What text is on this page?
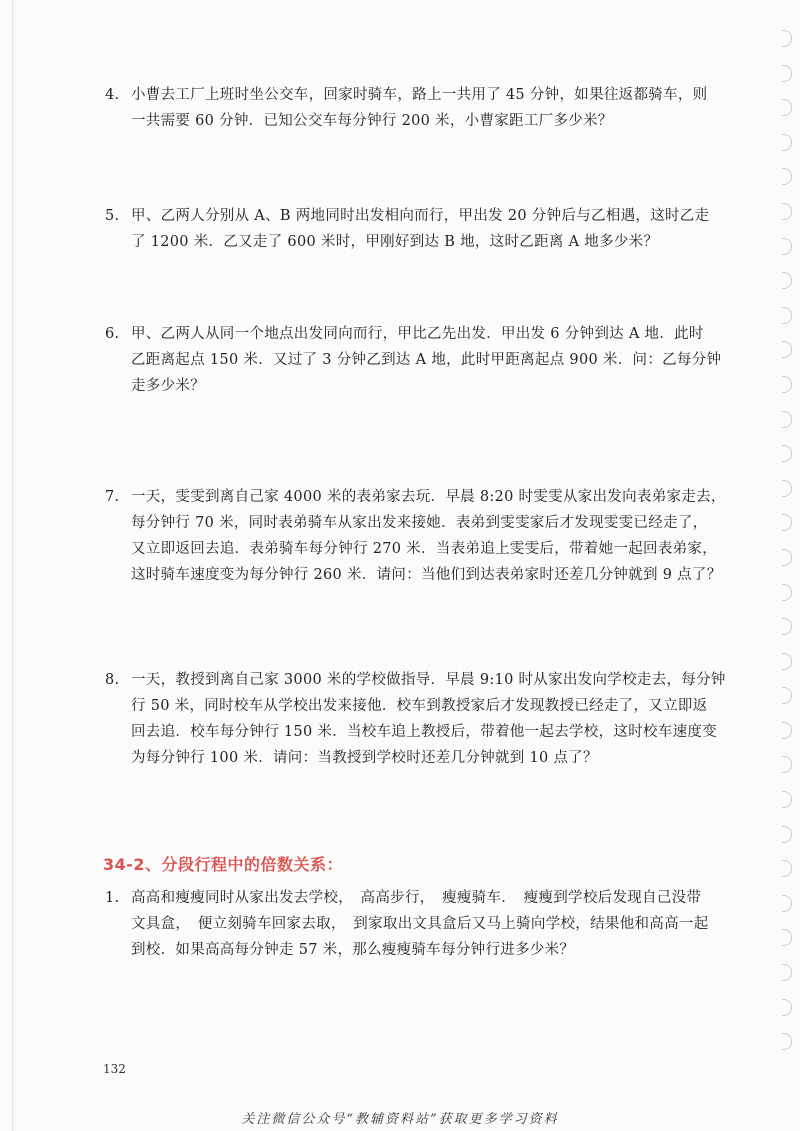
4. 小曹去工厂上班时坐公交车，回家时骑车，路上一共用了 45 分钟，如果往返都骑车，则
一共需要 60 分钟．已知公交车每分钟行 200 米，小曹家距工厂多少米？
5. 甲、乙两人分别从 A、B 两地同时出发相向而行，甲出发 20 分钟后与乙相遇，这时乙走
了 1200 米．乙又走了 600 米时，甲刚好到达 B 地，这时乙距离 A 地多少米？
6. 甲、乙两人从同一个地点出发同向而行，甲比乙先出发．甲出发 6 分钟到达 A 地．此时
乙距离起点 150 米．又过了 3 分钟乙到达 A 地，此时甲距离起点 900 米．问：乙每分钟
走多少米？
7. 一天，雯雯到离自己家 4000 米的表弟家去玩．早晨 8:20 时雯雯从家出发向表弟家走去，
每分钟行 70 米，同时表弟骑车从家出发来接她．表弟到雯雯家后才发现雯雯已经走了，
又立即返回去追．表弟骑车每分钟行 270 米．当表弟追上雯雯后，带着她一起回表弟家，
这时骑车速度变为每分钟行 260 米．请问：当他们到达表弟家时还差几分钟就到 9 点了？
8. 一天，教授到离自己家 3000 米的学校做指导．早晨 9:10 时从家出发向学校走去，每分钟
行 50 米，同时校车从学校出发来接他．校车到教授家后才发现教授已经走了，又立即返
回去追．校车每分钟行 150 米．当校车追上教授后，带着他一起去学校，这时校车速度变
为每分钟行 100 米．请问：当教授到学校时还差几分钟就到 10 点了？
34-2、分段行程中的倍数关系：
1. 高高和瘦瘦同时从家出发去学校，　高高步行，　瘦瘦骑车．　瘦瘦到学校后发现自己没带
文具盒，　便立刻骑车回家去取，　到家取出文具盒后又马上骑向学校，结果他和高高一起
到校．如果高高每分钟走 57 米，那么瘦瘦骑车每分钟行进多少米？
132
关注微信公众号“教辅资料站”获取更多学习资料
